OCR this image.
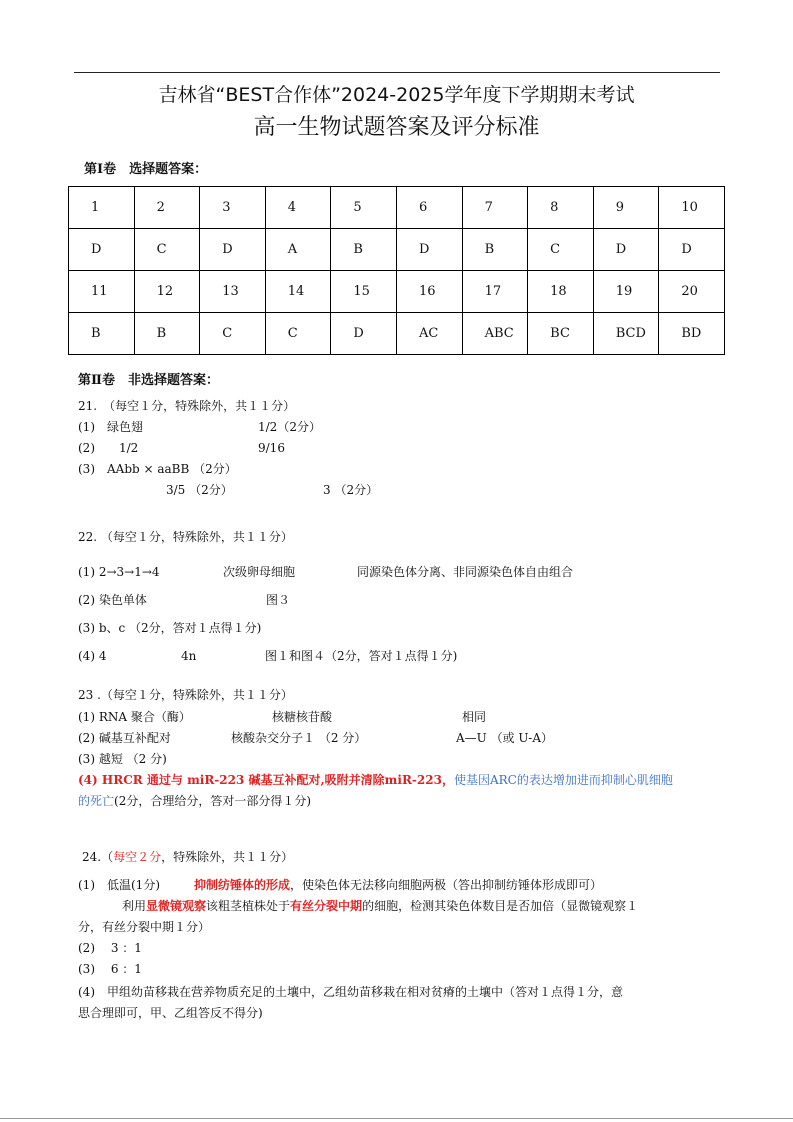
吉林省“BEST合作体”2024-2025学年度下学期期末考试
高一生物试题答案及评分标准
第Ⅰ卷　选择题答案：
1	2	3	4	5	6	7	8	9	10
D	C	D	A	B	D	B	C	D	D
11	12	13	14	15	16	17	18	19	20
B	B	C	C	D	AC	ABC	BC	BCD	BD
第Ⅱ卷　非选择题答案：
21.　（每空１分，特殊除外，共１１分）
(1)　绿色翅	1/2（2分）
(2)　　1/2	9/16
(3)　AAbb × aaBB （2分）
3/5 （2分）	3 （2分）
22. （每空１分，特殊除外，共１１分）
(1) 2→3→1→4	次级卵母细胞	同源染色体分离、非同源染色体自由组合
(2) 染色单体	图３
(3) b、c （2分，答对１点得１分)
(4) 4	4n	图１和图４（2分，答对１点得１分)
23 .（每空１分，特殊除外，共１１分）
(1) RNA 聚合（酶）	核糖核苷酸	相同
(2) 碱基互补配对	核酸杂交分子１ （2 分）	A—U （或 U-A）
(3) 越短 （2 分)
(4) HRCR 通过与 miR-223 碱基互补配对,吸附并清除miR-223，使基因ARC的表达增加进而抑制心肌细胞
的死亡(2分，合理给分，答对一部分得１分)
24.（每空２分，特殊除外，共１１分）
(1)　低温(1分)	抑制纺锤体的形成，使染色体无法移向细胞两极（答出抑制纺锤体形成即可）
利用显微镜观察该粗茎植株处于有丝分裂中期的细胞，检测其染色体数目是否加倍（显微镜观察１
分，有丝分裂中期１分）
(2)　 3 ：1
(3)　 6 ：1
(4)　甲组幼苗移栽在营养物质充足的土壤中，乙组幼苗移栽在相对贫瘠的土壤中（答对１点得１分，意
思合理即可，甲、乙组答反不得分)
